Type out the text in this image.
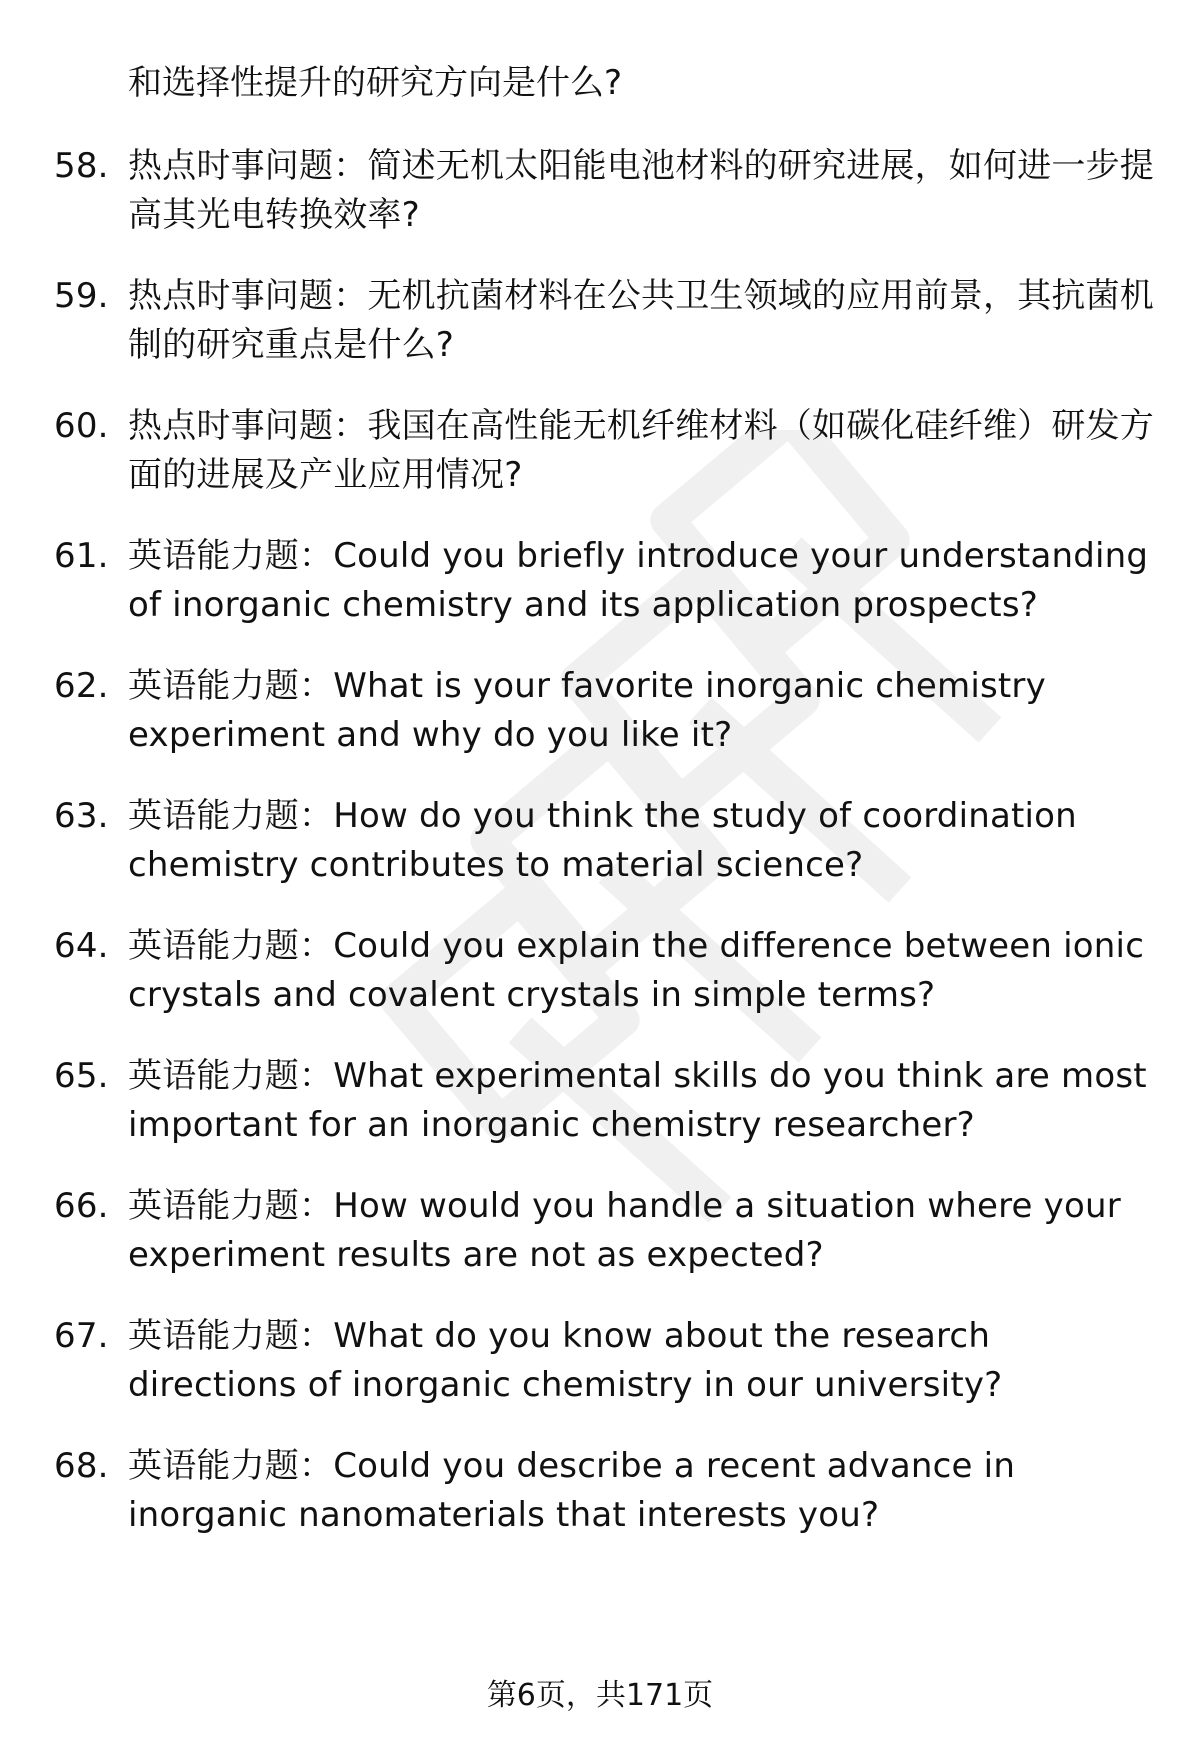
和选择性提升的研究方向是什么?
58. 热点时事问题：简述无机太阳能电池材料的研究进展，如何进一步提高其光电转换效率?
59. 热点时事问题：无机抗菌材料在公共卫生领域的应用前景，其抗菌机制的研究重点是什么?
60. 热点时事问题：我国在高性能无机纤维材料（如碳化硅纤维）研发方面的进展及产业应用情况?
61. 英语能力题：Could you briefly introduce your understanding of inorganic chemistry and its application prospects?
62. 英语能力题：What is your favorite inorganic chemistry experiment and why do you like it?
63. 英语能力题：How do you think the study of coordination chemistry contributes to material science?
64. 英语能力题：Could you explain the difference between ionic crystals and covalent crystals in simple terms?
65. 英语能力题：What experimental skills do you think are most important for an inorganic chemistry researcher?
66. 英语能力题：How would you handle a situation where your experiment results are not as expected?
67. 英语能力题：What do you know about the research directions of inorganic chemistry in our university?
68. 英语能力题：Could you describe a recent advance in inorganic nanomaterials that interests you?
第6页，共171页
